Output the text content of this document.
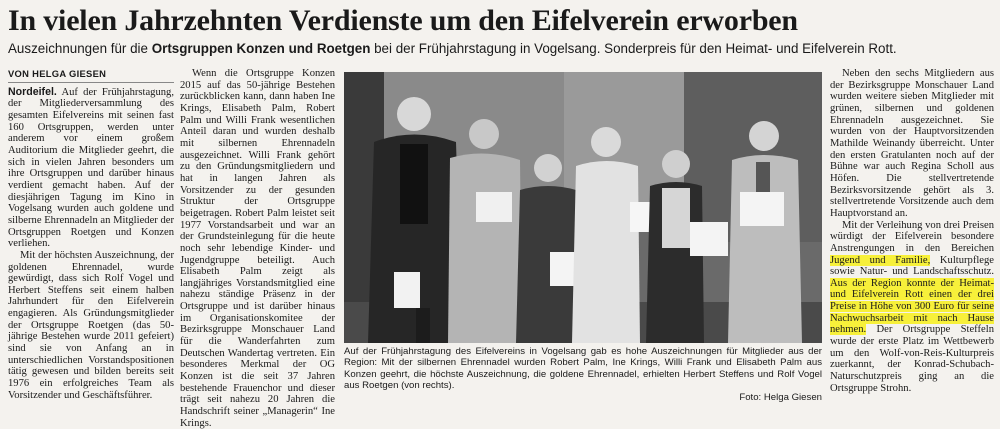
In vielen Jahrzehnten Verdienste um den Eifelverein erworben
Auszeichnungen für die Ortsgruppen Konzen und Roetgen bei der Frühjahrstagung in Vogelsang. Sonderpreis für den Heimat- und Eifelverein Rott.

VON HELGA GIESEN

Nordeifel. Auf der Frühjahrstagung, der Mitgliederversammlung des gesamten Eifelvereins mit seinen fast 160 Ortsgruppen, werden unter anderem vor einem großem Auditorium die Mitglieder geehrt, die sich in vielen Jahren besonders um ihre Ortsgruppen und darüber hinaus verdient gemacht haben. Auf der diesjährigen Tagung im Kino in Vogelsang wurden auch goldene und silberne Ehrennadeln an Mitglieder der Ortsgruppen Roetgen und Konzen verliehen.

Mit der höchsten Auszeichnung, der goldenen Ehrennadel, wurde gewürdigt, dass sich Rolf Vogel und Herbert Steffens seit einem halben Jahrhundert für den Eifelverein engagieren. Als Gründungsmitglieder der Ortsgruppe Roetgen (das 50-jährige Bestehen wurde 2011 gefeiert) sind sie von Anfang an in unterschiedlichen Vorstandspositionen tätig gewesen und bilden bereits seit 1976 ein erfolgreiches Team als Vorsitzender und Geschäftsführer.

Wenn die Ortsgruppe Konzen 2015 auf das 50-jährige Bestehen zurückblicken kann, dann haben Ine Krings, Elisabeth Palm, Robert Palm und Willi Frank wesentlichen Anteil daran und wurden deshalb mit silbernen Ehrennadeln ausgezeichnet. Willi Frank gehört zu den Gründungsmitgliedern und hat in langen Jahren als Vorsitzender zu der gesunden Struktur der Ortsgruppe beigetragen. Robert Palm leistet seit 1977 Vorstandsarbeit und war an der Grundsteinlegung für die heute noch sehr lebendige Kinder- und Jugendgruppe beteiligt. Auch Elisabeth Palm zeigt als langjähriges Vorstandsmitglied eine nahezu ständige Präsenz in der Ortsgruppe und ist darüber hinaus im Organisationskomitee der Bezirksgruppe Monschauer Land für die Wanderfahrten zum Deutschen Wandertag vertreten. Ein besonderes Merkmal der OG Konzen ist die seit 37 Jahren bestehende Frauenchor und dieser trägt seit nahezu 20 Jahren die Handschrift seiner „Managerin“ Ine Krings.

Auf der Frühjahrstagung des Eifelvereins in Vogelsang gab es hohe Auszeichnungen für Mitglieder aus der Region: Mit der silbernen Ehrennadel wurden Robert Palm, Ine Krings, Willi Frank und Elisabeth Palm aus Konzen geehrt, die höchste Auszeichnung, die goldene Ehrennadel, erhielten Herbert Steffens und Rolf Vogel aus Roetgen (von rechts).
Foto: Helga Giesen

Neben den sechs Mitgliedern aus der Bezirksgruppe Monschauer Land wurden weitere sieben Mitglieder mit grünen, silbernen und goldenen Ehrennadeln ausgezeichnet. Sie wurden von der Hauptvorsitzenden Mathilde Weinandy überreicht. Unter den ersten Gratulanten noch auf der Bühne war auch Regina Scholl aus Höfen. Die stellvertretende Bezirksvorsitzende gehört als 3. stellvertretende Vorsitzende auch dem Hauptvorstand an.

Mit der Verleihung von drei Preisen würdigt der Eifelverein besondere Anstrengungen in den Bereichen Jugend und Familie, Kulturpflege sowie Natur- und Landschaftsschutz. Aus der Region konnte der Heimat- und Eifelverein Rott einen der drei Preise in Höhe von 300 Euro für seine Nachwuchsarbeit mit nach Hause nehmen. Der Ortsgruppe Steffeln wurde der erste Platz im Wettbewerb um den Wolf-von-Reis-Kulturpreis zuerkannt, der Konrad-Schubach-Naturschutzpreis ging an die Ortsgruppe Strohn.
